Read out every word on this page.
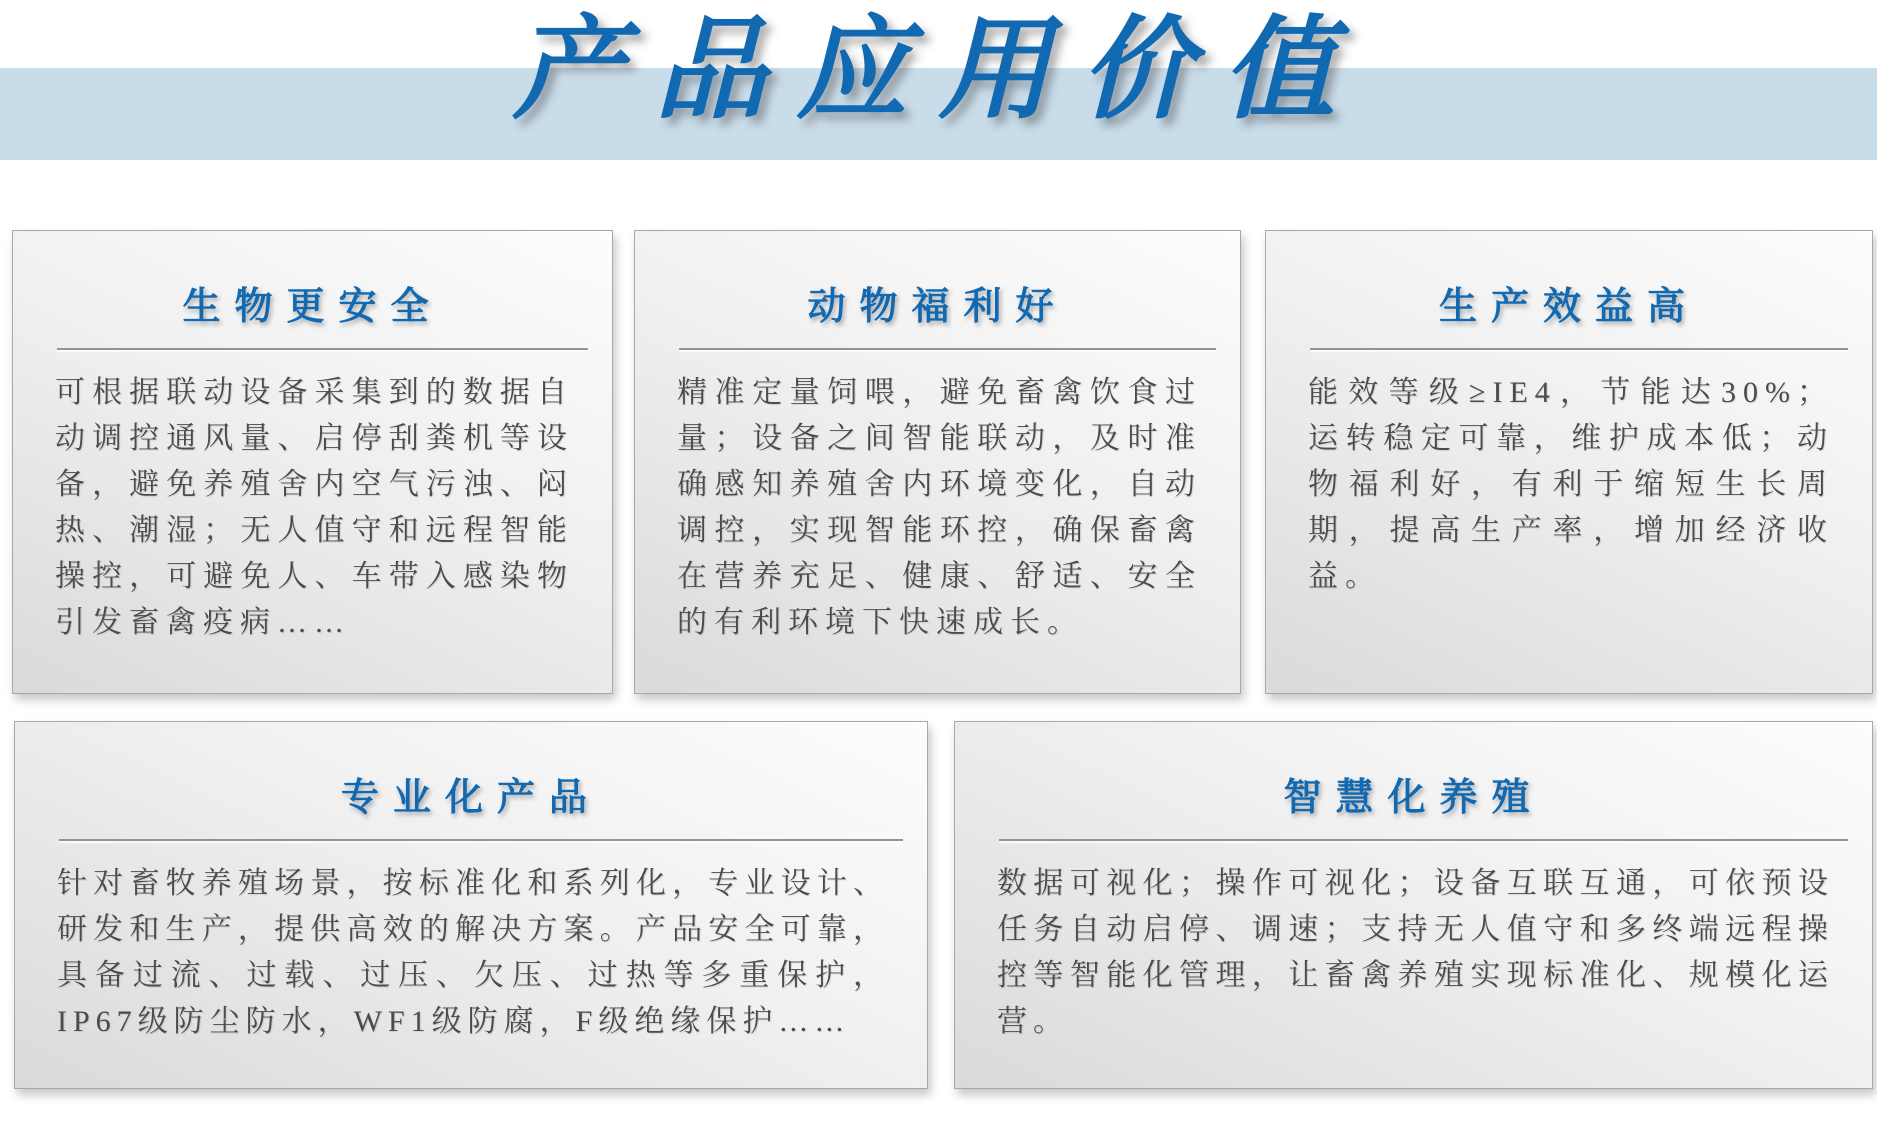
产品应用价值
生物更安全
可根据联动设备采集到的数据自动调控通风量、启停刮粪机等设备，避免养殖舍内空气污浊、闷热、潮湿；无人值守和远程智能操控，可避免人、车带入感染物引发畜禽疫病……
动物福利好
精准定量饲喂，避免畜禽饮食过量；设备之间智能联动，及时准确感知养殖舍内环境变化，自动调控，实现智能环控，确保畜禽在营养充足、健康、舒适、安全的有利环境下快速成长。
生产效益高
能效等级≥IE4，节能达30%；运转稳定可靠，维护成本低；动物福利好，有利于缩短生长周期，提高生产率，增加经济收益。
专业化产品
针对畜牧养殖场景，按标准化和系列化，专业设计、研发和生产，提供高效的解决方案。产品安全可靠，具备过流、过载、过压、欠压、过热等多重保护，IP67级防尘防水，WF1级防腐，F级绝缘保护……
智慧化养殖
数据可视化；操作可视化；设备互联互通，可依预设任务自动启停、调速；支持无人值守和多终端远程操控等智能化管理，让畜禽养殖实现标准化、规模化运营。
